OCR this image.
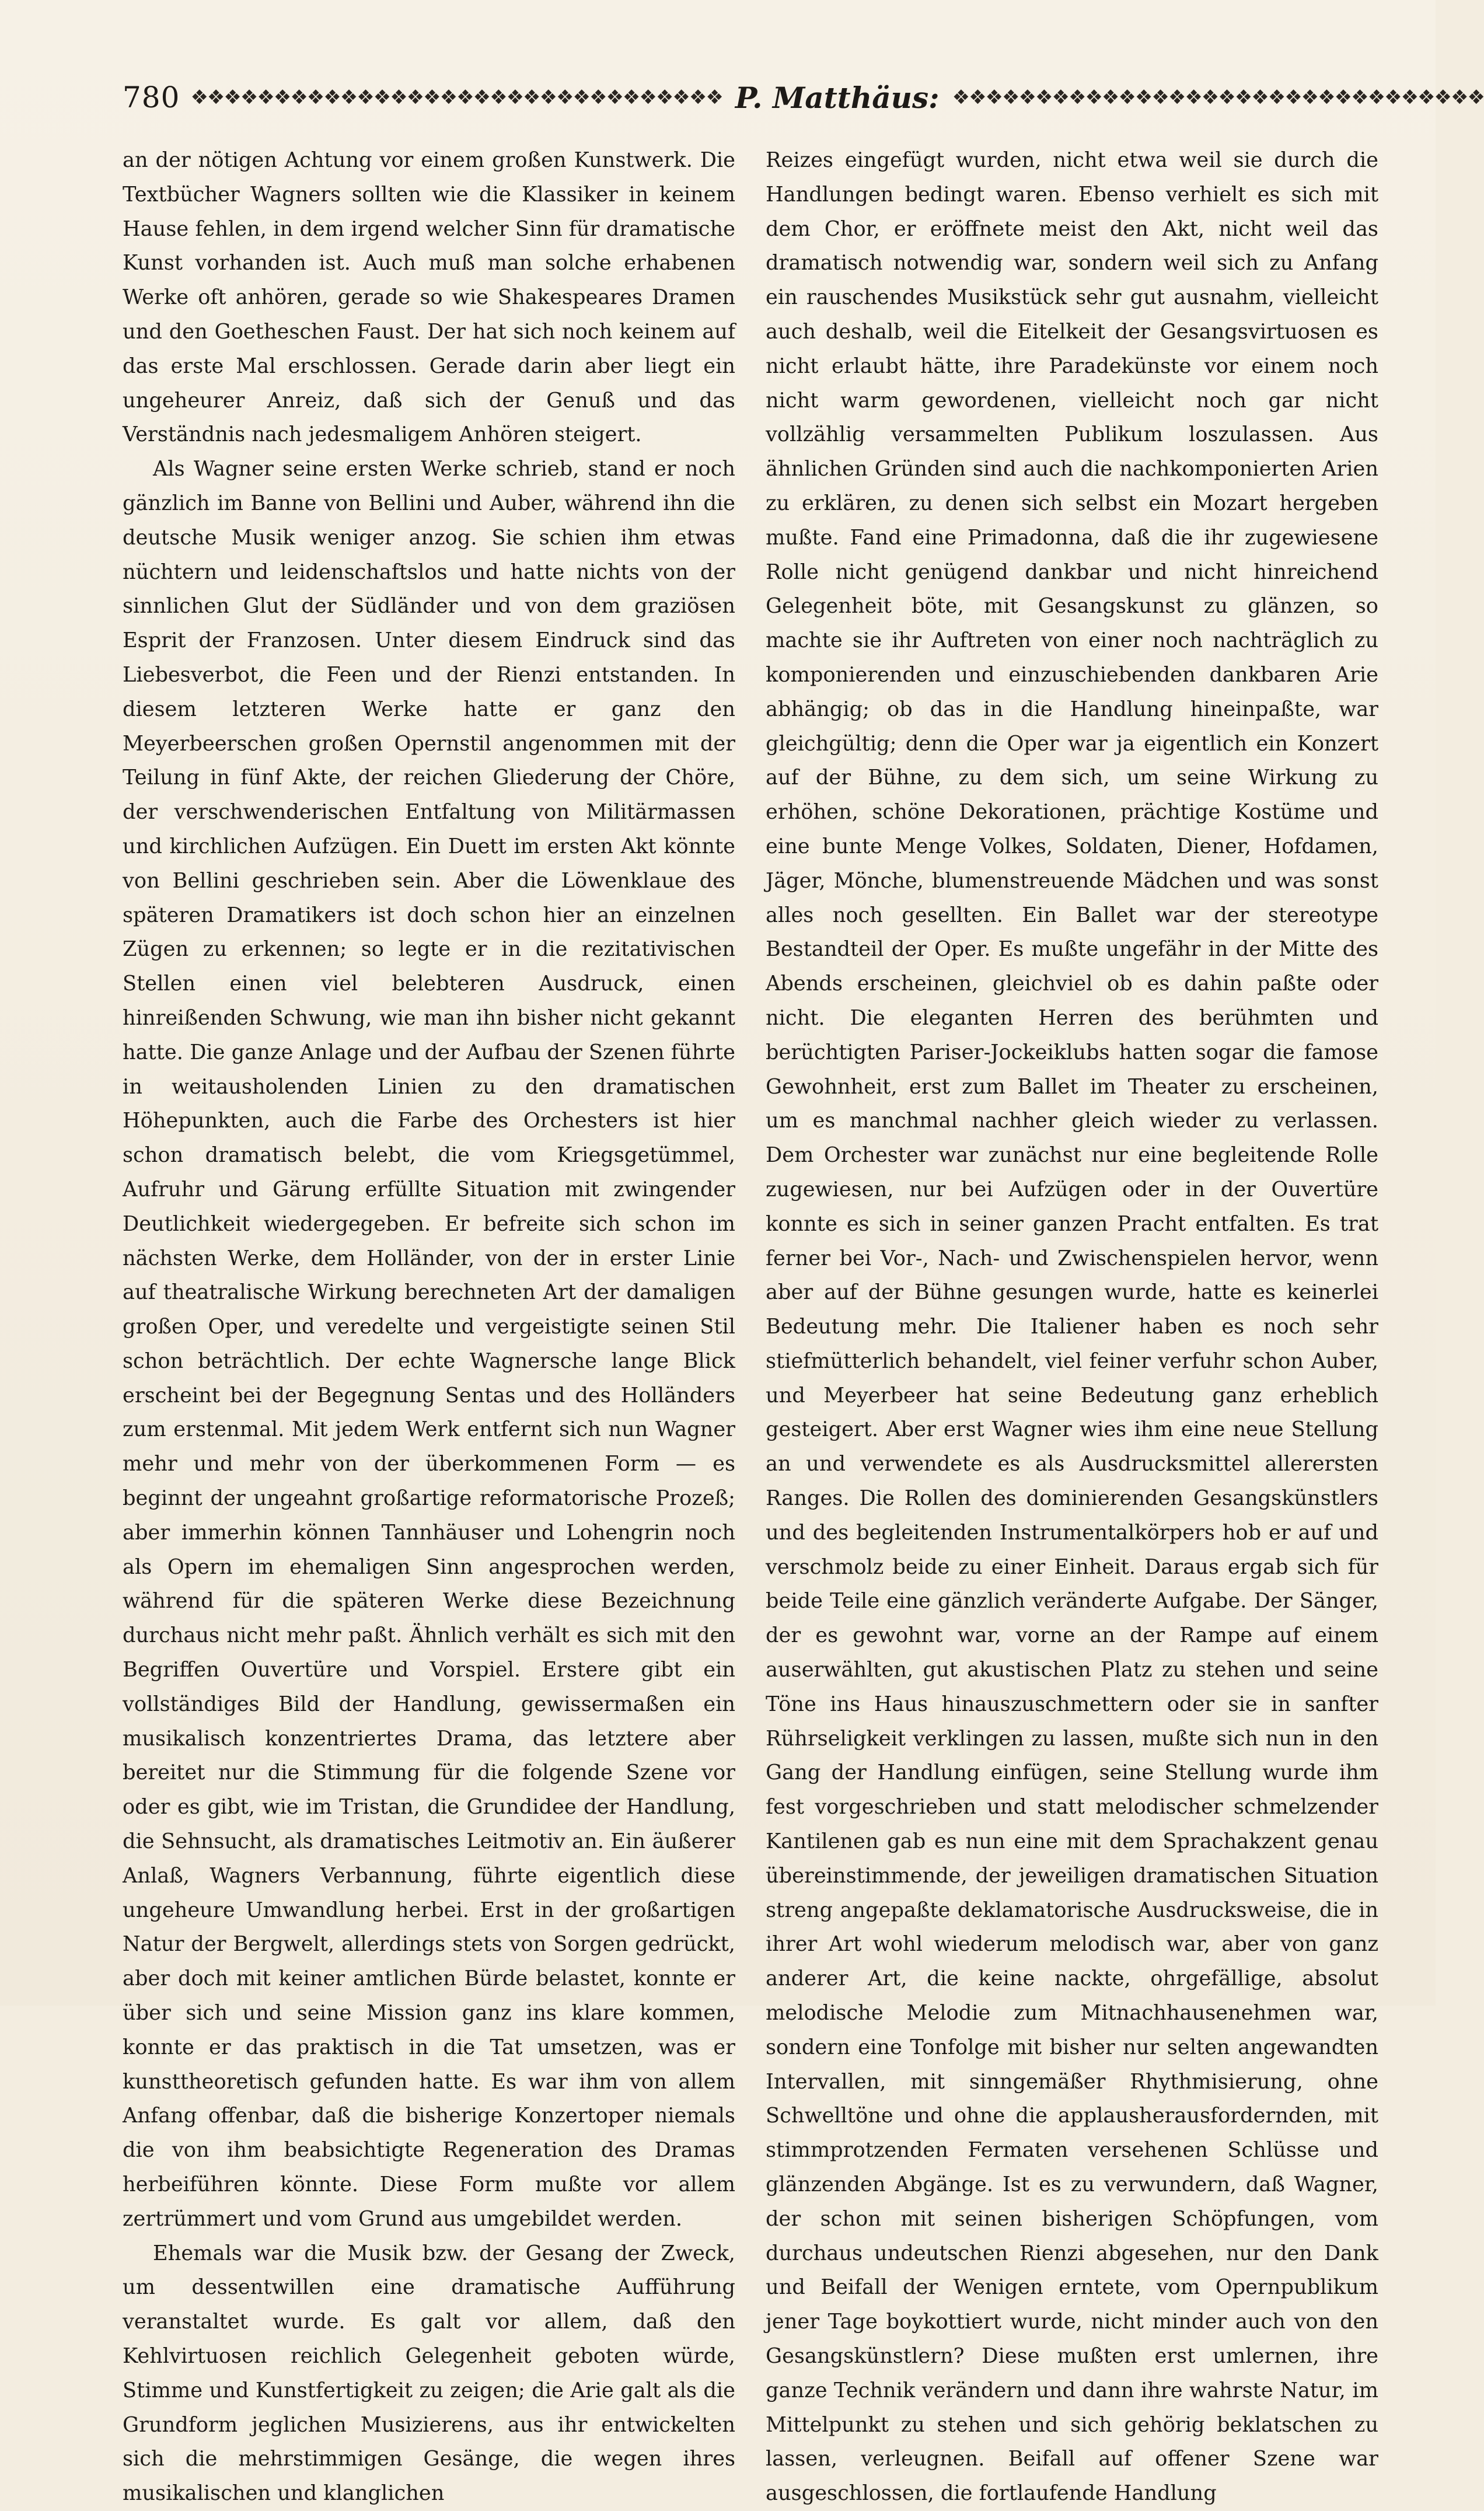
780 ❖❖❖❖❖❖❖❖❖❖❖❖❖❖❖❖❖❖❖❖❖❖❖❖❖❖❖❖❖❖❖❖ P. Matthäus: ❖❖❖❖❖❖❖❖❖❖❖❖❖❖❖❖❖❖❖❖❖❖❖❖❖❖❖❖❖❖❖❖

an der nötigen Achtung vor einem großen Kunstwerk. Die Textbücher Wagners sollten wie die Klassiker in keinem Hause fehlen, in dem irgend welcher Sinn für dramatische Kunst vorhanden ist. Auch muß man solche erhabenen Werke oft anhören, gerade so wie Shakespeares Dramen und den Goetheschen Faust. Der hat sich noch keinem auf das erste Mal erschlossen. Gerade darin aber liegt ein ungeheurer Anreiz, daß sich der Genuß und das Verständnis nach jedesmaligem Anhören steigert.

Als Wagner seine ersten Werke schrieb, stand er noch gänzlich im Banne von Bellini und Auber, während ihn die deutsche Musik weniger anzog. Sie schien ihm etwas nüchtern und leidenschaftslos und hatte nichts von der sinnlichen Glut der Südländer und von dem graziösen Esprit der Franzosen. Unter diesem Eindruck sind das Liebesverbot, die Feen und der Rienzi entstanden. In diesem letzteren Werke hatte er ganz den Meyerbeerschen großen Opernstil angenommen mit der Teilung in fünf Akte, der reichen Gliederung der Chöre, der verschwenderischen Entfaltung von Militärmassen und kirchlichen Aufzügen. Ein Duett im ersten Akt könnte von Bellini geschrieben sein. Aber die Löwenklaue des späteren Dramatikers ist doch schon hier an einzelnen Zügen zu erkennen; so legte er in die rezitativischen Stellen einen viel belebteren Ausdruck, einen hinreißenden Schwung, wie man ihn bisher nicht gekannt hatte. Die ganze Anlage und der Aufbau der Szenen führte in weitausholenden Linien zu den dramatischen Höhepunkten, auch die Farbe des Orchesters ist hier schon dramatisch belebt, die vom Kriegsgetümmel, Aufruhr und Gärung erfüllte Situation mit zwingender Deutlichkeit wiedergegeben. Er befreite sich schon im nächsten Werke, dem Holländer, von der in erster Linie auf theatralische Wirkung berechneten Art der damaligen großen Oper, und veredelte und vergeistigte seinen Stil schon beträchtlich. Der echte Wagnersche lange Blick erscheint bei der Begegnung Sentas und des Holländers zum erstenmal. Mit jedem Werk entfernt sich nun Wagner mehr und mehr von der überkommenen Form — es beginnt der ungeahnt großartige reformatorische Prozeß; aber immerhin können Tannhäuser und Lohengrin noch als Opern im ehemaligen Sinn angesprochen werden, während für die späteren Werke diese Bezeichnung durchaus nicht mehr paßt. Ähnlich verhält es sich mit den Begriffen Ouvertüre und Vorspiel. Erstere gibt ein vollständiges Bild der Handlung, gewissermaßen ein musikalisch konzentriertes Drama, das letztere aber bereitet nur die Stimmung für die folgende Szene vor oder es gibt, wie im Tristan, die Grundidee der Handlung, die Sehnsucht, als dramatisches Leitmotiv an. Ein äußerer Anlaß, Wagners Verbannung, führte eigentlich diese ungeheure Umwandlung herbei. Erst in der großartigen Natur der Bergwelt, allerdings stets von Sorgen gedrückt, aber doch mit keiner amtlichen Bürde belastet, konnte er über sich und seine Mission ganz ins klare kommen, konnte er das praktisch in die Tat umsetzen, was er kunsttheoretisch gefunden hatte. Es war ihm von allem Anfang offenbar, daß die bisherige Konzertoper niemals die von ihm beabsichtigte Regeneration des Dramas herbeiführen könnte. Diese Form mußte vor allem zertrümmert und vom Grund aus umgebildet werden.

Ehemals war die Musik bzw. der Gesang der Zweck, um dessentwillen eine dramatische Aufführung veranstaltet wurde. Es galt vor allem, daß den Kehlvirtuosen reichlich Gelegenheit geboten würde, Stimme und Kunstfertigkeit zu zeigen; die Arie galt als die Grundform jeglichen Musizierens, aus ihr entwickelten sich die mehrstimmigen Gesänge, die wegen ihres musikalischen und klanglichen

Reizes eingefügt wurden, nicht etwa weil sie durch die Handlungen bedingt waren. Ebenso verhielt es sich mit dem Chor, er eröffnete meist den Akt, nicht weil das dramatisch notwendig war, sondern weil sich zu Anfang ein rauschendes Musikstück sehr gut ausnahm, vielleicht auch deshalb, weil die Eitelkeit der Gesangsvirtuosen es nicht erlaubt hätte, ihre Paradekünste vor einem noch nicht warm gewordenen, vielleicht noch gar nicht vollzählig versammelten Publikum loszulassen. Aus ähnlichen Gründen sind auch die nachkomponierten Arien zu erklären, zu denen sich selbst ein Mozart hergeben mußte. Fand eine Primadonna, daß die ihr zugewiesene Rolle nicht genügend dankbar und nicht hinreichend Gelegenheit böte, mit Gesangskunst zu glänzen, so machte sie ihr Auftreten von einer noch nachträglich zu komponierenden und einzuschiebenden dankbaren Arie abhängig; ob das in die Handlung hineinpaßte, war gleichgültig; denn die Oper war ja eigentlich ein Konzert auf der Bühne, zu dem sich, um seine Wirkung zu erhöhen, schöne Dekorationen, prächtige Kostüme und eine bunte Menge Volkes, Soldaten, Diener, Hofdamen, Jäger, Mönche, blumenstreuende Mädchen und was sonst alles noch gesellten. Ein Ballet war der stereotype Bestandteil der Oper. Es mußte ungefähr in der Mitte des Abends erscheinen, gleichviel ob es dahin paßte oder nicht. Die eleganten Herren des berühmten und berüchtigten Pariser-Jockeiklubs hatten sogar die famose Gewohnheit, erst zum Ballet im Theater zu erscheinen, um es manchmal nachher gleich wieder zu verlassen. Dem Orchester war zunächst nur eine begleitende Rolle zugewiesen, nur bei Aufzügen oder in der Ouvertüre konnte es sich in seiner ganzen Pracht entfalten. Es trat ferner bei Vor-, Nach- und Zwischenspielen hervor, wenn aber auf der Bühne gesungen wurde, hatte es keinerlei Bedeutung mehr. Die Italiener haben es noch sehr stiefmütterlich behandelt, viel feiner verfuhr schon Auber, und Meyerbeer hat seine Bedeutung ganz erheblich gesteigert. Aber erst Wagner wies ihm eine neue Stellung an und verwendete es als Ausdrucksmittel allerersten Ranges. Die Rollen des dominierenden Gesangskünstlers und des begleitenden Instrumentalkörpers hob er auf und verschmolz beide zu einer Einheit. Daraus ergab sich für beide Teile eine gänzlich veränderte Aufgabe. Der Sänger, der es gewohnt war, vorne an der Rampe auf einem auserwählten, gut akustischen Platz zu stehen und seine Töne ins Haus hinauszuschmettern oder sie in sanfter Rührseligkeit verklingen zu lassen, mußte sich nun in den Gang der Handlung einfügen, seine Stellung wurde ihm fest vorgeschrieben und statt melodischer schmelzender Kantilenen gab es nun eine mit dem Sprachakzent genau übereinstimmende, der jeweiligen dramatischen Situation streng angepaßte deklamatorische Ausdrucksweise, die in ihrer Art wohl wiederum melodisch war, aber von ganz anderer Art, die keine nackte, ohrgefällige, absolut melodische Melodie zum Mitnachhausenehmen war, sondern eine Tonfolge mit bisher nur selten angewandten Intervallen, mit sinngemäßer Rhythmisierung, ohne Schwelltöne und ohne die applausherausfordernden, mit stimmprotzenden Fermaten versehenen Schlüsse und glänzenden Abgänge. Ist es zu verwundern, daß Wagner, der schon mit seinen bisherigen Schöpfungen, vom durchaus undeutschen Rienzi abgesehen, nur den Dank und Beifall der Wenigen erntete, vom Opernpublikum jener Tage boykottiert wurde, nicht minder auch von den Gesangskünstlern? Diese mußten erst umlernen, ihre ganze Technik verändern und dann ihre wahrste Natur, im Mittelpunkt zu stehen und sich gehörig beklatschen zu lassen, verleugnen. Beifall auf offener Szene war ausgeschlossen, die fortlaufende Handlung
